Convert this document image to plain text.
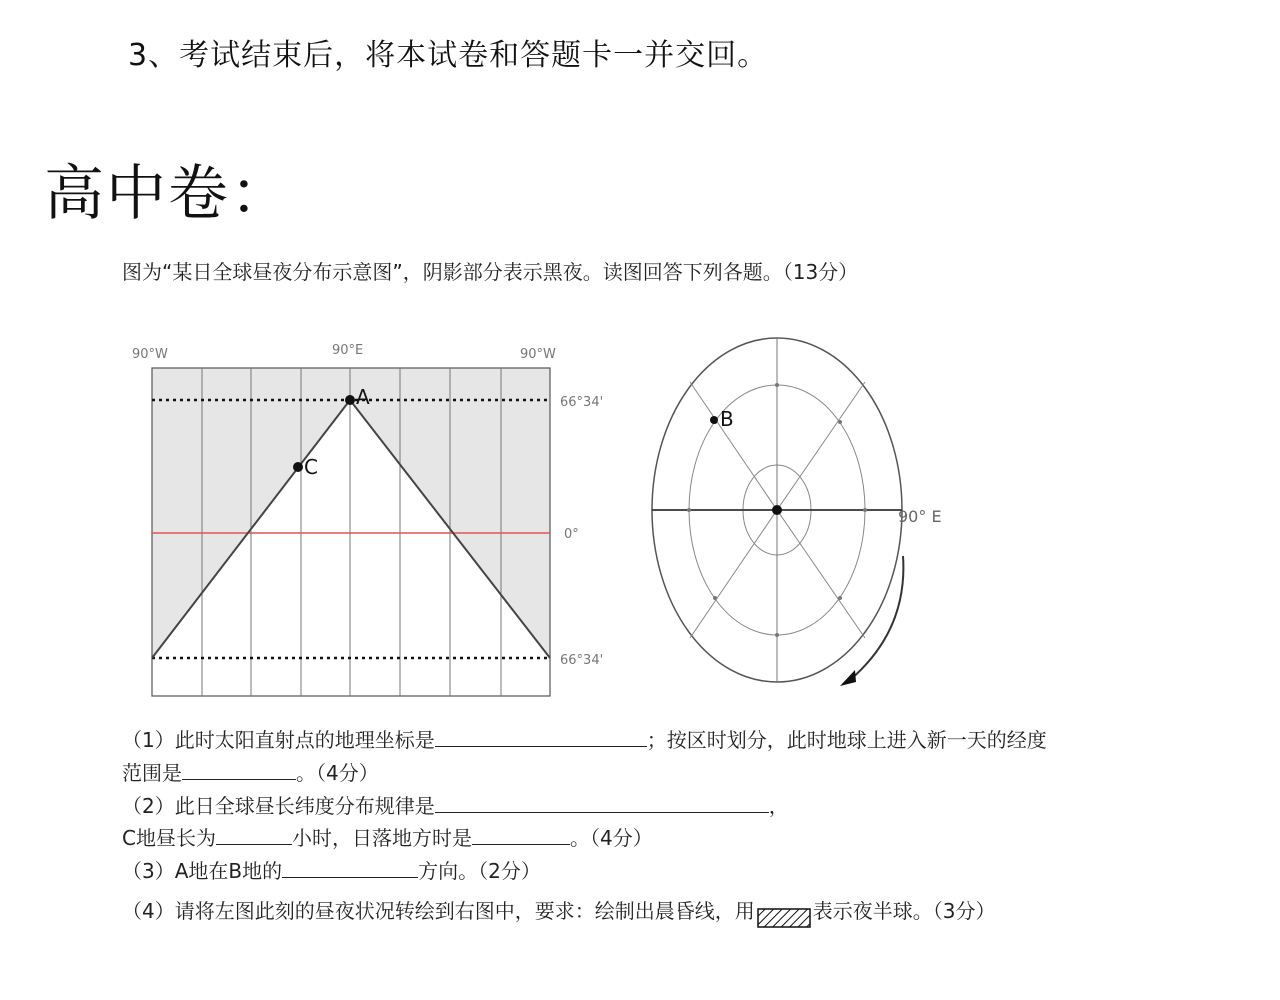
3、考试结束后，将本试卷和答题卡一并交回。
高中卷：
图为“某日全球昼夜分布示意图”，阴影部分表示黑夜。读图回答下列各题。（13分）
A
C
90°W	90°E	90°W
66°34'
0°
66°34'
B
90° E
（1）此时太阳直射点的地理坐标是	；按区时划分，此时地球上进入新一天的经度
范围是	。（4分）
（2）此日全球昼长纬度分布规律是	，
C地昼长为	小时，日落地方时是	。（4分）
（3）A地在B地的	方向。（2分）
（4）请将左图此刻的昼夜状况转绘到右图中，要求：绘制出晨昏线，用	表示夜半球。（3分）
